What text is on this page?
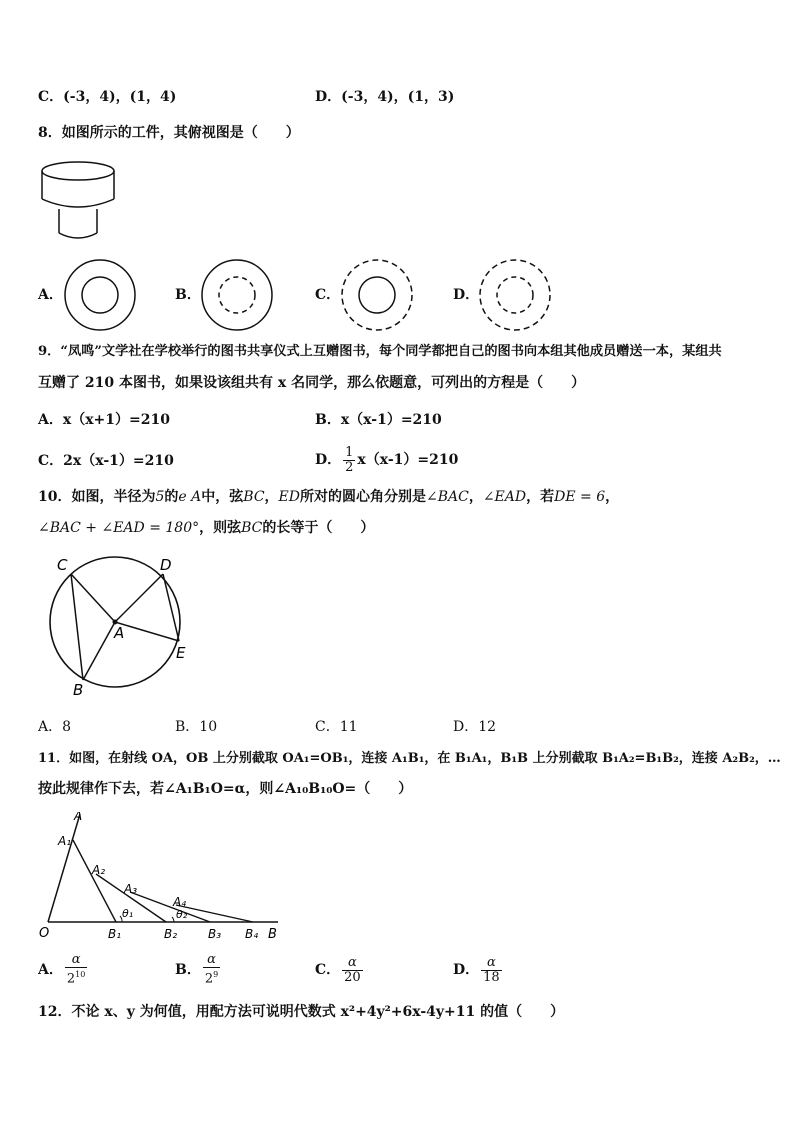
C．(-3，4)，(1，4)	D．(-3，4)，(1，3)
8．如图所示的工件，其俯视图是（　　）
A．	B．	C．	D．
9．“凤鸣”文学社在学校举行的图书共享仪式上互赠图书，每个同学都把自己的图书向本组其他成员赠送一本，某组共
互赠了 210 本图书，如果设该组共有 x 名同学，那么依题意，可列出的方程是（　　）
A．x（x+1）=210	B．x（x-1）=210
C．2x（x-1）=210	D． $\frac{1}{2} x(x-1)=210$
10．如图，半径为5的e A中，弦BC，ED所对的圆心角分别是∠BAC，∠EAD，若DE = 6，
∠BAC + ∠EAD = 180°，则弦BC的长等于（　　）
C	D
A
E
B
A．8	B．10	C．11	D．12
11．如图，在射线 OA，OB 上分别截取 OA₁=OB₁，连接 A₁B₁，在 B₁A₁，B₁B 上分别截取 B₁A₂=B₁B₂，连接 A₂B₂，…
按此规律作下去，若∠A₁B₁O=α，则∠A₁₀B₁₀O=（　　）
A
A₁
A₂
A₃
A₄
θ₁	θ₂
O	B₁	B₂	B₃ B₄ B
A． $\frac{\alpha}{2^{10}}$	B． $\frac{\alpha}{2^9}$	C． $\frac{\alpha}{20}$	D． $\frac{\alpha}{18}$
12．不论 x、y 为何值，用配方法可说明代数式 x²+4y²+6x-4y+11 的值（　　）
